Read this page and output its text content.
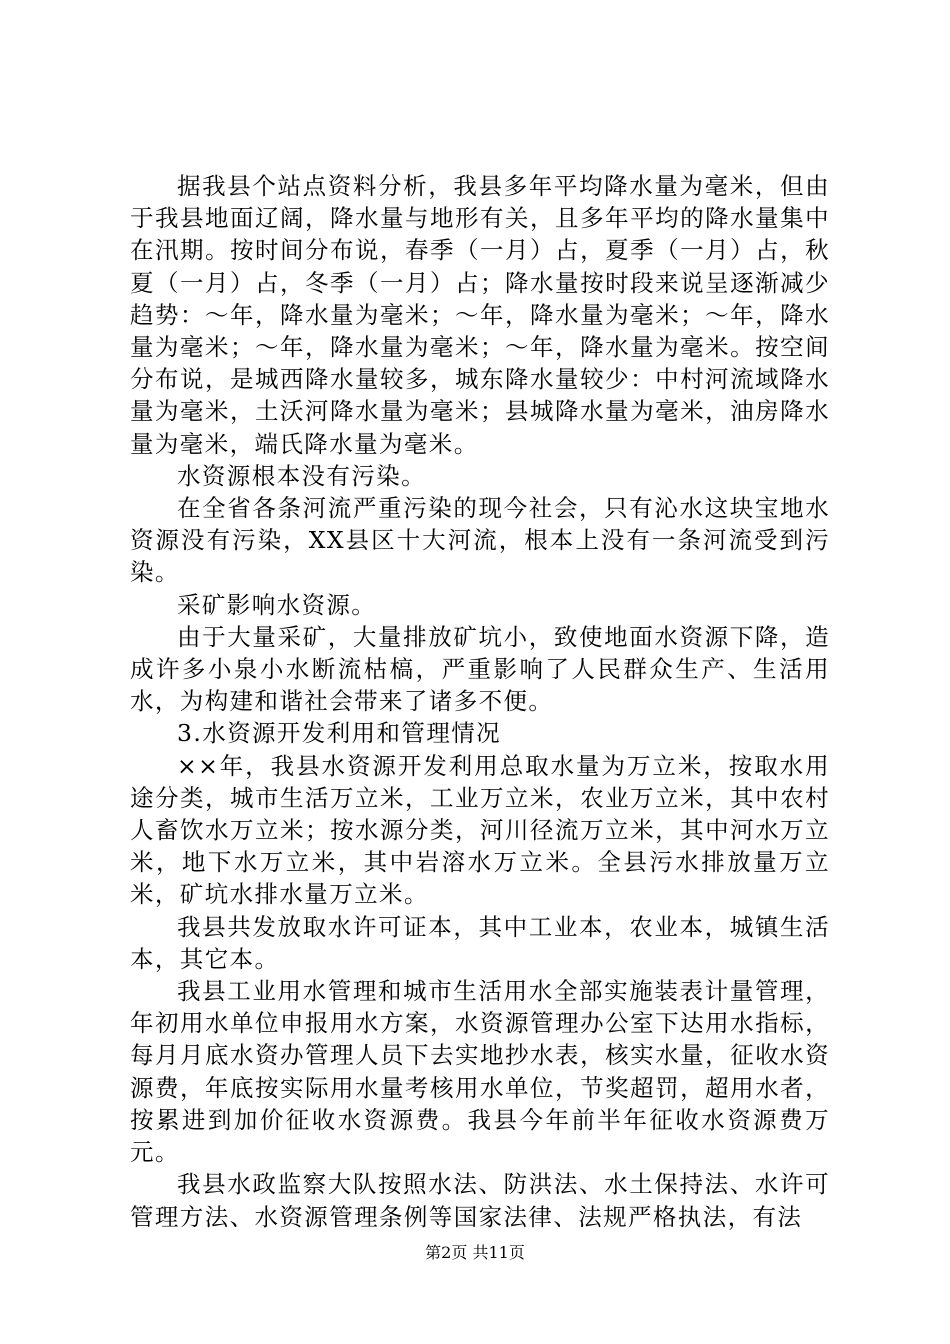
据我县个站点资料分析，我县多年平均降水量为毫米，但由于我县地面辽阔，降水量与地形有关，且多年平均的降水量集中在汛期。按时间分布说，春季（一月）占，夏季（一月）占，秋夏（一月）占，冬季（一月）占；降水量按时段来说呈逐渐减少趋势：～年，降水量为毫米；～年，降水量为毫米；～年，降水量为毫米；～年，降水量为毫米；～年，降水量为毫米。按空间分布说，是城西降水量较多，城东降水量较少：中村河流域降水量为毫米，土沃河降水量为毫米；县城降水量为毫米，油房降水量为毫米，端氏降水量为毫米。

水资源根本没有污染。

在全省各条河流严重污染的现今社会，只有沁水这块宝地水资源没有污染，XX县区十大河流，根本上没有一条河流受到污染。

采矿影响水资源。

由于大量采矿，大量排放矿坑小，致使地面水资源下降，造成许多小泉小水断流枯槁，严重影响了人民群众生产、生活用水，为构建和谐社会带来了诸多不便。

3.水资源开发利用和管理情况

××年，我县水资源开发利用总取水量为万立米，按取水用途分类，城市生活万立米，工业万立米，农业万立米，其中农村人畜饮水万立米；按水源分类，河川径流万立米，其中河水万立米，地下水万立米，其中岩溶水万立米。全县污水排放量万立米，矿坑水排水量万立米。

我县共发放取水许可证本，其中工业本，农业本，城镇生活本，其它本。

我县工业用水管理和城市生活用水全部实施装表计量管理，年初用水单位申报用水方案，水资源管理办公室下达用水指标，每月月底水资办管理人员下去实地抄水表，核实水量，征收水资源费，年底按实际用水量考核用水单位，节奖超罚，超用水者，按累进到加价征收水资源费。我县今年前半年征收水资源费万元。

我县水政监察大队按照水法、防洪法、水土保持法、水许可管理方法、水资源管理条例等国家法律、法规严格执法，有法

第2页 共11页
